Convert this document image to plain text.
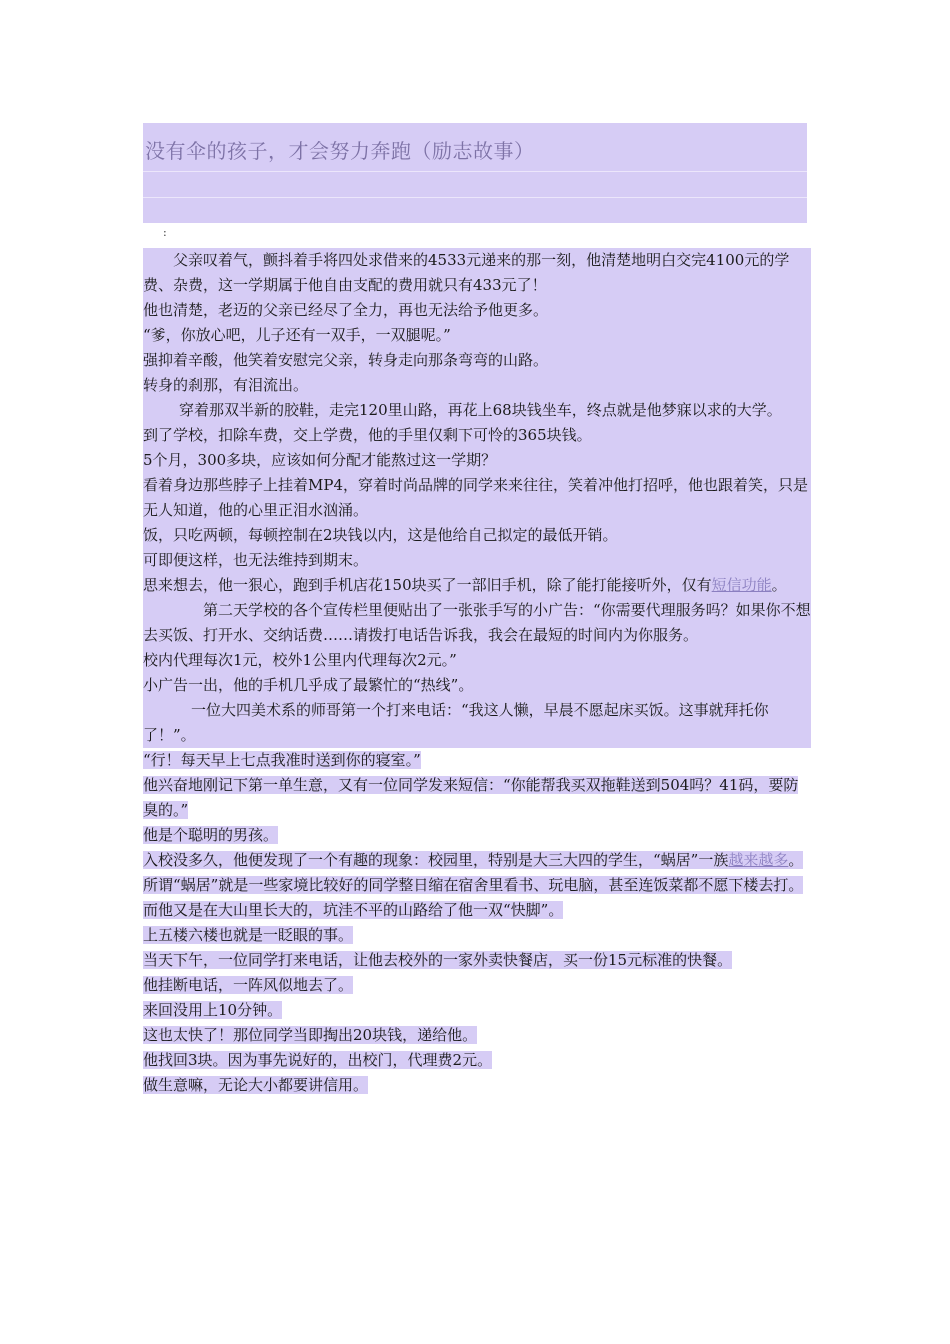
没有伞的孩子，才会努力奔跑（励志故事）
:

父亲叹着气，颤抖着手将四处求借来的4533元递来的那一刻，他清楚地明白交完4100元的学费、杂费，这一学期属于他自由支配的费用就只有433元了！

他也清楚，老迈的父亲已经尽了全力，再也无法给予他更多。

“爹，你放心吧，儿子还有一双手，一双腿呢。”

强抑着辛酸，他笑着安慰完父亲，转身走向那条弯弯的山路。

转身的刹那，有泪流出。

穿着那双半新的胶鞋，走完120里山路，再花上68块钱坐车，终点就是他梦寐以求的大学。

到了学校，扣除车费，交上学费，他的手里仅剩下可怜的365块钱。

5个月，300多块，应该如何分配才能熬过这一学期？

看着身边那些脖子上挂着MP4，穿着时尚品牌的同学来来往往，笑着冲他打招呼，他也跟着笑，只是无人知道，他的心里正泪水汹涌。

饭，只吃两顿，每顿控制在2块钱以内，这是他给自己拟定的最低开销。

可即便这样，也无法维持到期末。

思来想去，他一狠心，跑到手机店花150块买了一部旧手机，除了能打能接听外，仅有短信功能。

第二天学校的各个宣传栏里便贴出了一张张手写的小广告：“你需要代理服务吗？如果你不想去买饭、打开水、交纳话费……请拨打电话告诉我，我会在最短的时间内为你服务。

校内代理每次1元，校外1公里内代理每次2元。”

小广告一出，他的手机几乎成了最繁忙的“热线”。

一位大四美术系的师哥第一个打来电话：“我这人懒，早晨不愿起床买饭。这事就拜托你了！”。

“行！每天早上七点我准时送到你的寝室。”

他兴奋地刚记下第一单生意，又有一位同学发来短信：“你能帮我买双拖鞋送到504吗？41码，要防臭的。”

他是个聪明的男孩。

入校没多久，他便发现了一个有趣的现象：校园里，特别是大三大四的学生，“蜗居”一族越来越多。

所谓“蜗居”就是一些家境比较好的同学整日缩在宿舍里看书、玩电脑，甚至连饭菜都不愿下楼去打。

而他又是在大山里长大的，坑洼不平的山路给了他一双“快脚”。

上五楼六楼也就是一眨眼的事。

当天下午，一位同学打来电话，让他去校外的一家外卖快餐店，买一份15元标准的快餐。

他挂断电话，一阵风似地去了。

来回没用上10分钟。

这也太快了！那位同学当即掏出20块钱，递给他。

他找回3块。因为事先说好的，出校门，代理费2元。

做生意嘛，无论大小都要讲信用。
